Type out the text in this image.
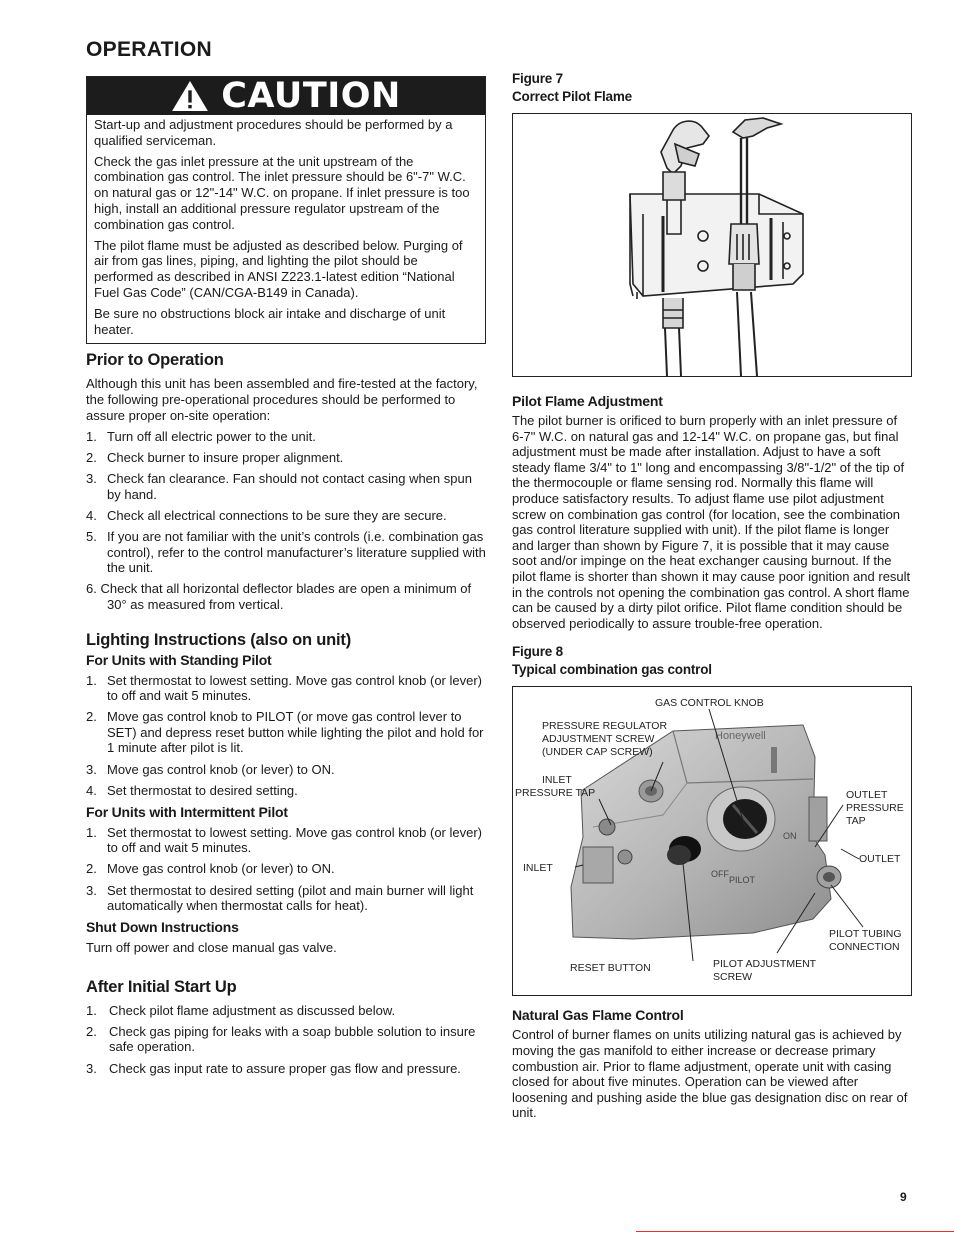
OPERATION
CAUTION

Start-up and adjustment procedures should be performed by a qualified serviceman.

Check the gas inlet pressure at the unit upstream of the combination gas control. The inlet pressure should be 6"-7" W.C. on natural gas or 12"-14" W.C. on propane. If inlet pressure is too high, install an additional pressure regulator upstream of the combination gas control.

The pilot flame must be adjusted as described below. Purging of air from gas lines, piping, and lighting the pilot should be performed as described in ANSI Z223.1-latest edition “National Fuel Gas Code” (CAN/CGA-B149 in Canada).

Be sure no obstructions block air intake and discharge of unit heater.

Prior to Operation

Although this unit has been assembled and fire-tested at the factory, the following pre-operational procedures should be performed to assure proper on-site operation:

1. Turn off all electric power to the unit.
2. Check burner to insure proper alignment.
3. Check fan clearance. Fan should not contact casing when spun by hand.
4. Check all electrical connections to be sure they are secure.
5. If you are not familiar with the unit’s controls (i.e. combination gas control), refer to the control manufacturer’s literature supplied with the unit.

6. Check that all horizontal deflector blades are open a minimum of 30° as measured from vertical.

Lighting Instructions (also on unit)
For Units with Standing Pilot
1. Set thermostat to lowest setting. Move gas control knob (or lever) to off and wait 5 minutes.
2. Move gas control knob to PILOT (or move gas control lever to SET) and depress reset button while lighting the pilot and hold for 1 minute after pilot is lit.
3. Move gas control knob (or lever) to ON.
4. Set thermostat to desired setting.
For Units with Intermittent Pilot
1. Set thermostat to lowest setting. Move gas control knob (or lever) to off and wait 5 minutes.
2. Move gas control knob (or lever) to ON.
3. Set thermostat to desired setting (pilot and main burner will light automatically when thermostat calls for heat).
Shut Down Instructions

Turn off power and close manual gas valve.

After Initial Start Up
1. Check pilot flame adjustment as discussed below.
2. Check gas piping for leaks with a soap bubble solution to insure safe operation.
3. Check gas input rate to assure proper gas flow and pressure.
Figure 7
Correct Pilot Flame
Pilot Flame Adjustment

The pilot burner is orificed to burn properly with an inlet pressure of 6-7" W.C. on natural gas and 12-14" W.C. on propane gas, but final adjustment must be made after installation. Adjust to have a soft steady flame 3/4" to 1" long and encompassing 3/8"-1/2" of the tip of the thermocouple or flame sensing rod. Normally this flame will produce satisfactory results. To adjust flame use pilot adjustment screw on combination gas control (for location, see the combination gas control literature supplied with unit). If the pilot flame is longer and larger than shown by Figure 7, it is possible that it may cause soot and/or impinge on the heat exchanger causing burnout. If the pilot flame is shorter than shown it may cause poor ignition and result in the controls not opening the combination gas control. A short flame can be caused by a dirty pilot orifice. Pilot flame condition should be observed periodically to assure trouble-free operation.

Figure 8
Typical combination gas control
Honeywell
ON
OFF
PILOT
GAS CONTROL KNOB
PRESSURE REGULATOR
ADJUSTMENT SCREW
(UNDER CAP SCREW)
INLET
PRESSURE TAP	OUTLET
PRESSURE
TAP
OUTLET
INLET
PILOT TUBING
CONNECTION
RESET BUTTON	PILOT ADJUSTMENT
SCREW
Natural Gas Flame Control

Control of burner flames on units utilizing natural gas is achieved by moving the gas manifold to either increase or decrease primary combustion air. Prior to flame adjustment, operate unit with casing closed for about five minutes. Operation can be viewed after loosening and pushing aside the blue gas designation disc on rear of unit.

9
